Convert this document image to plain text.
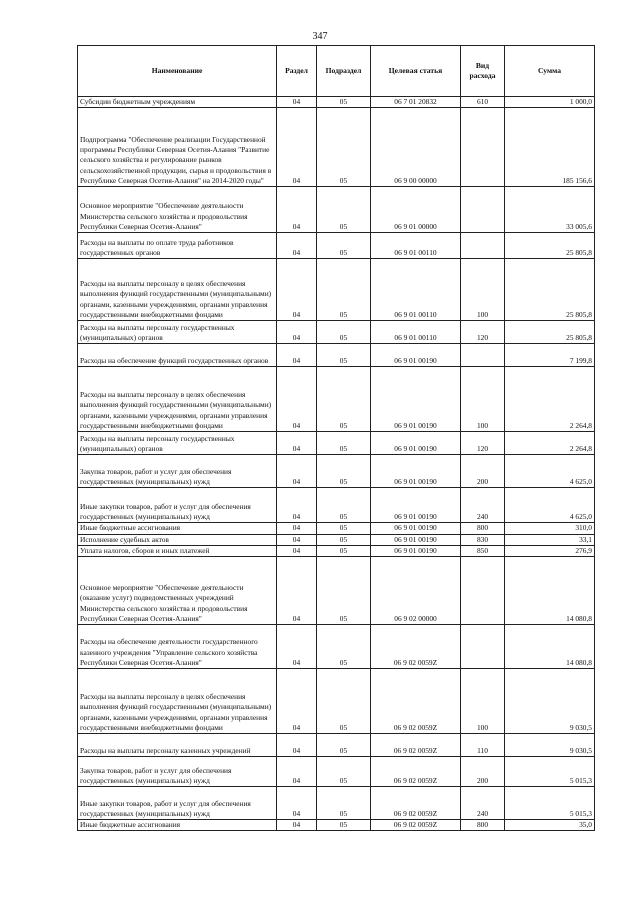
347
Наименование	Раздел	Подраздел	Целевая статья	Вид расхода	Сумма
Субсидии бюджетным учреждениям	04	05	06 7 01 20832	610	1 000,0
Подпрограмма "Обеспечение реализации Государственной программы Республики Северная Осетия-Алания "Развитие сельского хозяйства и регулирование рынков сельскохозяйственной продукции, сырья и продовольствия в Республике Северная Осетия-Алания" на 2014-2020 годы"	04	05	06 9 00 00000		185 156,6
Основное мероприятие "Обеспечение деятельности Министерства сельского хозяйства и продовольствия Республики Северная Осетия-Алания"	04	05	06 9 01 00000		33 005,6
Расходы на выплаты по оплате труда работников государственных органов	04	05	06 9 01 00110		25 805,8
Расходы на выплаты персоналу в целях обеспечения выполнения функций государственными (муниципальными) органами, казенными учреждениями, органами управления государственными внебюджетными фондами	04	05	06 9 01 00110	100	25 805,8
Расходы на выплаты персоналу государственных (муниципальных) органов	04	05	06 9 01 00110	120	25 805,8
Расходы на обеспечение функций государственных органов	04	05	06 9 01 00190		7 199,8
Расходы на выплаты персоналу в целях обеспечения выполнения функций государственными (муниципальными) органами, казенными учреждениями, органами управления государственными внебюджетными фондами	04	05	06 9 01 00190	100	2 264,8
Расходы на выплаты персоналу государственных (муниципальных) органов	04	05	06 9 01 00190	120	2 264,8
Закупка товаров, работ и услуг для обеспечения государственных (муниципальных) нужд	04	05	06 9 01 00190	200	4 625,0
Иные закупки товаров, работ и услуг для обеспечения государственных (муниципальных) нужд	04	05	06 9 01 00190	240	4 625,0
Иные бюджетные ассигнования	04	05	06 9 01 00190	800	310,0
Исполнение судебных актов	04	05	06 9 01 00190	830	33,1
Уплата налогов, сборов и иных платежей	04	05	06 9 01 00190	850	276,9
Основное мероприятие "Обеспечение деятельности (оказание услуг) подведомственных учреждений Министерства сельского хозяйства и продовольствия Республики Северная Осетия-Алания"	04	05	06 9 02 00000		14 080,8
Расходы на обеспечение деятельности государственного казенного учреждения "Управление сельского хозяйства Республики Северная Осетия-Алания"	04	05	06 9 02 0059Z		14 080,8
Расходы на выплаты персоналу в целях обеспечения выполнения функций государственными (муниципальными) органами, казенными учреждениями, органами управления государственными внебюджетными фондами	04	05	06 9 02 0059Z	100	9 030,5
Расходы на выплаты персоналу казенных учреждений	04	05	06 9 02 0059Z	110	9 030,5
Закупка товаров, работ и услуг для обеспечения государственных (муниципальных) нужд	04	05	06 9 02 0059Z	200	5 015,3
Иные закупки товаров, работ и услуг для обеспечения государственных (муниципальных) нужд	04	05	06 9 02 0059Z	240	5 015,3
Иные бюджетные ассигнования	04	05	06 9 02 0059Z	800	35,0
